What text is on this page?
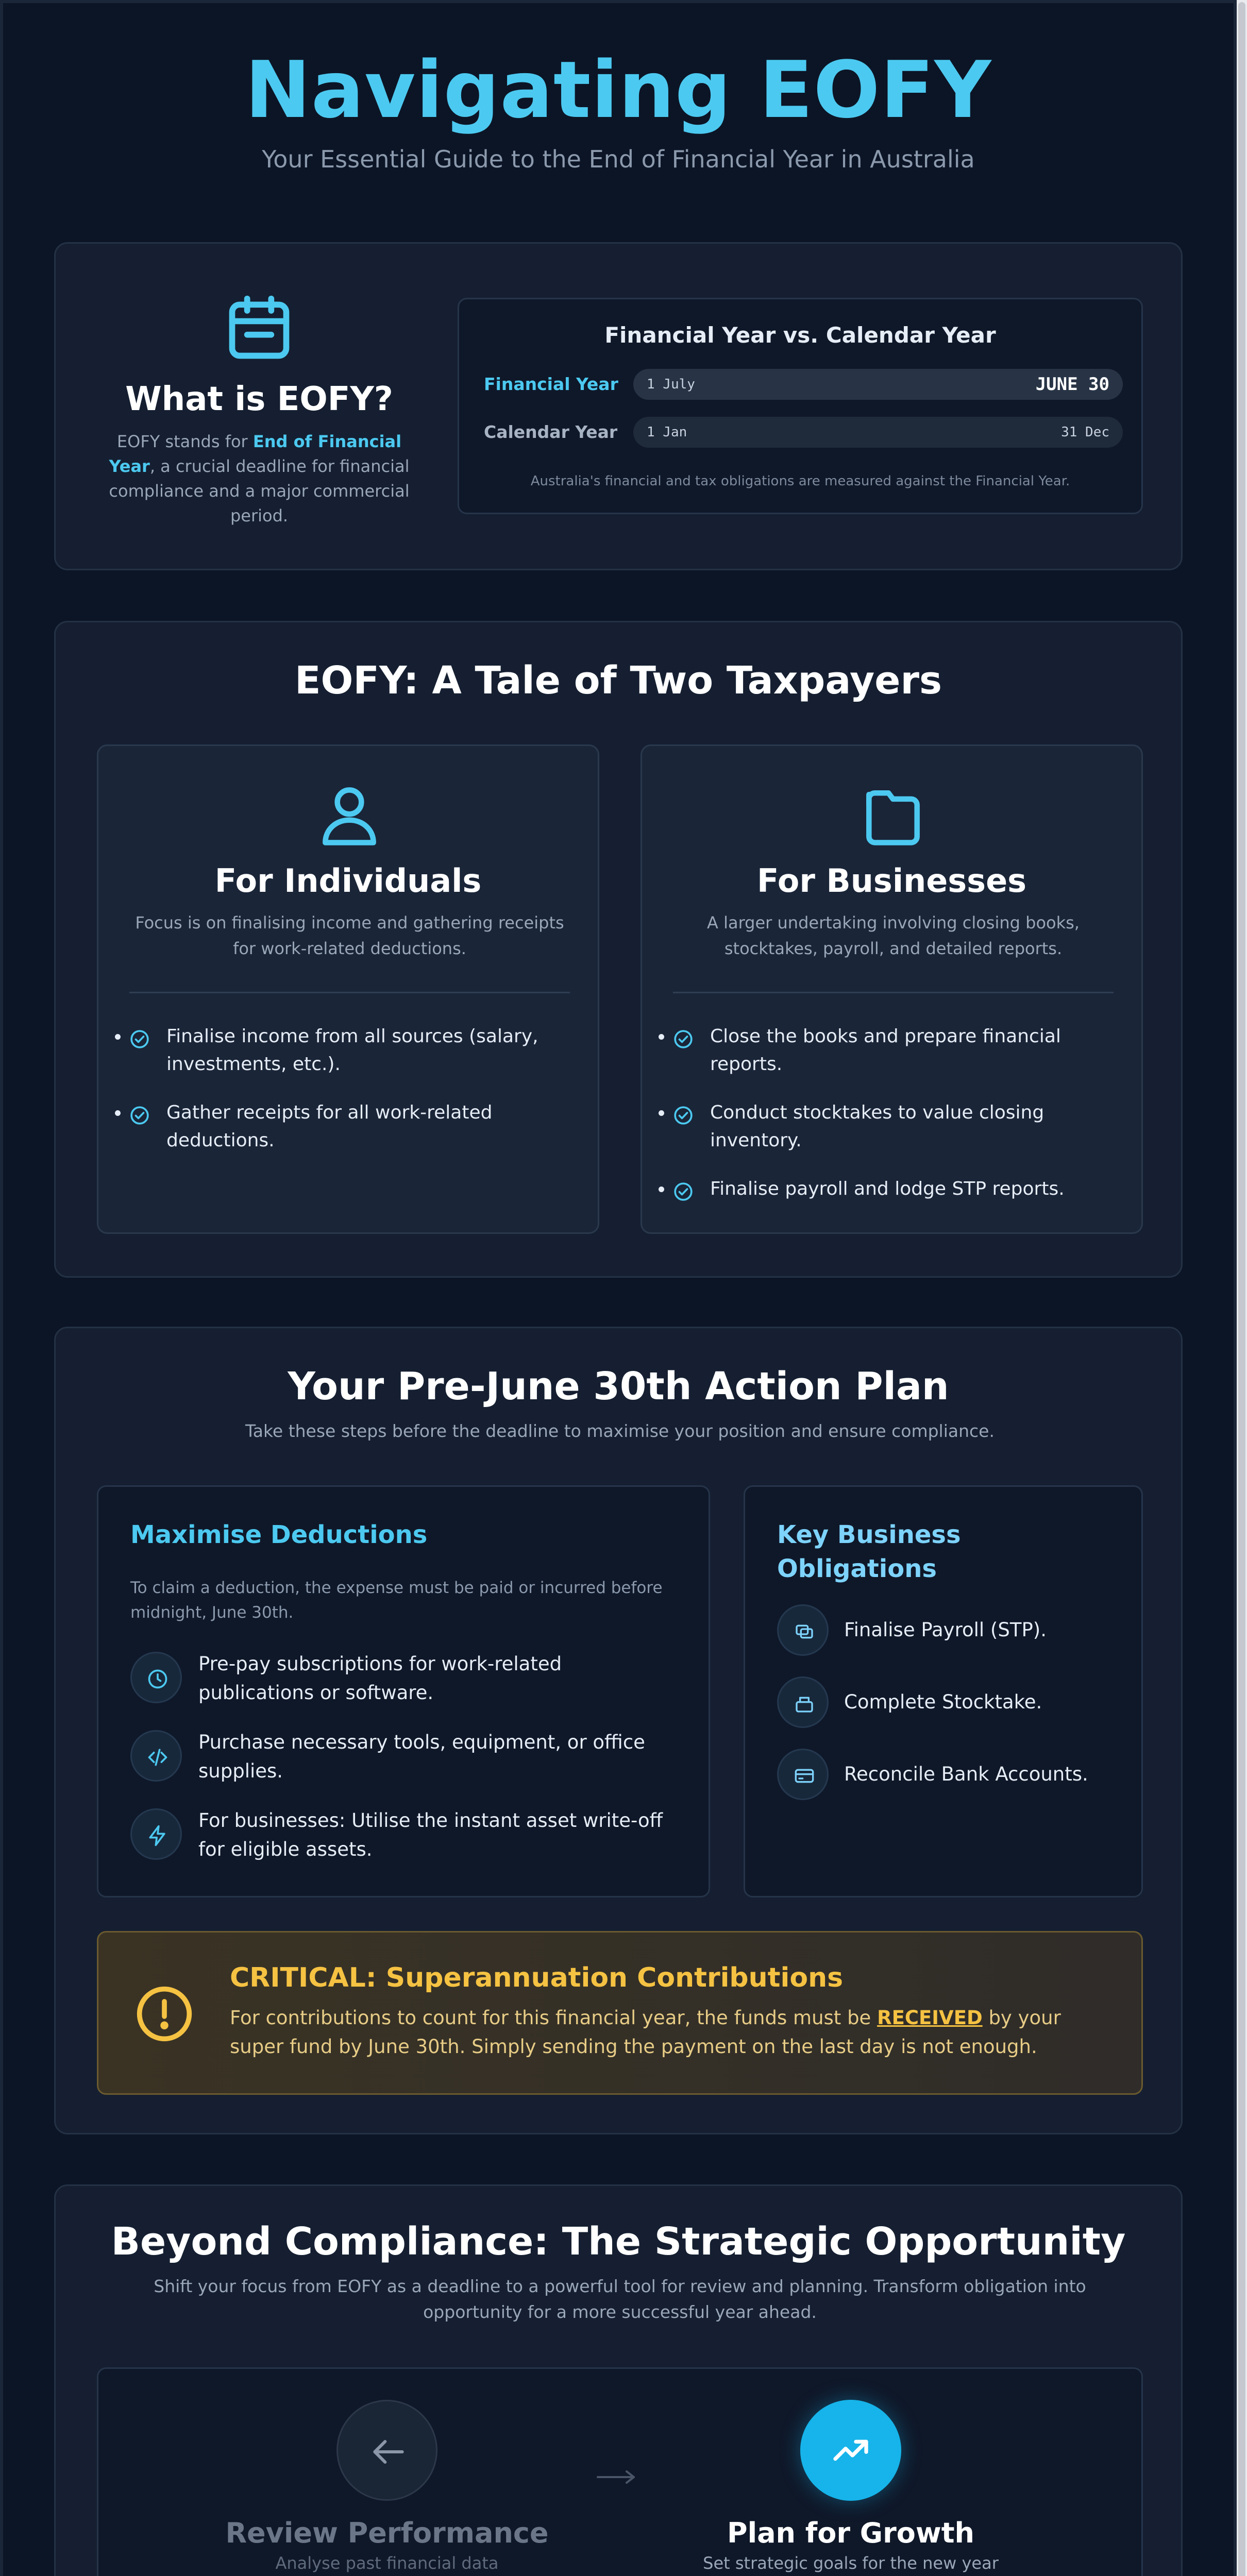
Navigating EOFY

Your Essential Guide to the End of Financial Year in Australia

What is EOFY?

EOFY stands for End of Financial Year, a crucial deadline for financial compliance and a major commercial period.

Financial Year vs. Calendar Year
Financial Year	1 July	JUNE 30
Calendar Year	1 Jan	31 Dec
Australia's financial and tax obligations are measured against the Financial Year.
EOFY: A Tale of Two Taxpayers
For Individuals

Focus is on finalising income and gathering receipts for work-related deductions.

• Finalise income from all sources (salary, investments, etc.).
• Gather receipts for all work-related deductions.
For Businesses

A larger undertaking involving closing books, stocktakes, payroll, and detailed reports.

• Close the books and prepare financial reports.
• Conduct stocktakes to value closing inventory.
• Finalise payroll and lodge STP reports.
Your Pre-June 30th Action Plan

Take these steps before the deadline to maximise your position and ensure compliance.

Maximise Deductions

To claim a deduction, the expense must be paid or incurred before midnight, June 30th.

Pre-pay subscriptions for work-related publications or software.
Purchase necessary tools, equipment, or office supplies.
For businesses: Utilise the instant asset write-off for eligible assets.
Key Business Obligations
Finalise Payroll (STP).
Complete Stocktake.
Reconcile Bank Accounts.
CRITICAL: Superannuation Contributions
For contributions to count for this financial year, the funds must be RECEIVED by your super fund by June 30th. Simply sending the payment on the last day is not enough.
Beyond Compliance: The Strategic Opportunity

Shift your focus from EOFY as a deadline to a powerful tool for review and planning. Transform obligation into opportunity for a more successful year ahead.

Review Performance
Analyse past financial data
Plan for Growth
Set strategic goals for the new year
